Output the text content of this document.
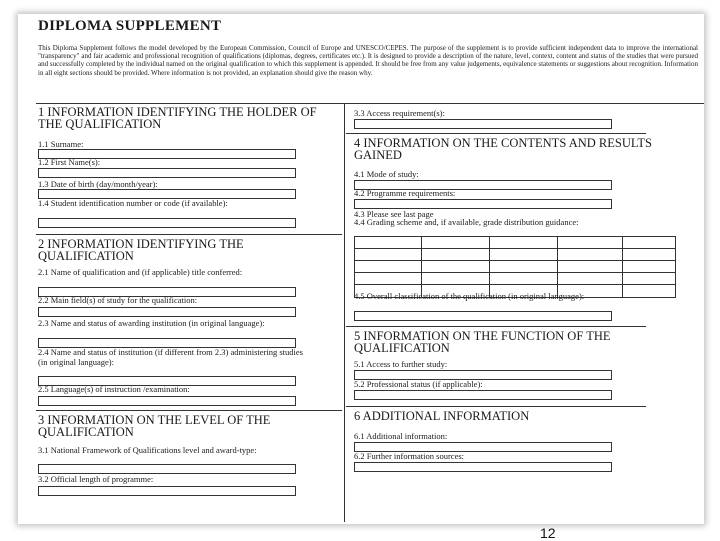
DIPLOMA SUPPLEMENT
This Diploma Supplement follows the model developed by the European Commission, Council of Europe and UNESCO/CEPES. The purpose of the supplement is to provide sufficient independent data to improve the international "transparency" and fair academic and professional recognition of qualifications (diplomas, degrees, certificates etc.). It is designed to provide a description of the nature, level, context, content and status of the studies that were pursued and successfully completed by the individual named on the original qualification to which this supplement is appended. It should be free from any value judgements, equivalence statements or suggestions about recognition. Information in all eight sections should be provided. Where information is not provided, an explanation should give the reason why.
1 INFORMATION IDENTIFYING THE HOLDER OF THE QUALIFICATION
1.1 Surname:
1.2 First Name(s):
1.3 Date of birth (day/month/year):
1.4 Student identification number or code (if available):
2 INFORMATION IDENTIFYING THE QUALIFICATION
2.1 Name of qualification and (if applicable) title conferred:
2.2 Main field(s) of study for the qualification:
2.3 Name and status of awarding institution (in original language):
2.4 Name and status of institution (if different from 2.3) administering studies (in original language):
2.5 Language(s) of instruction /examination:
3 INFORMATION ON THE LEVEL OF THE QUALIFICATION
3.1 National Framework of Qualifications level and award-type:
3.2 Official length of programme:
3.3 Access requirement(s):
4 INFORMATION ON THE CONTENTS AND RESULTS GAINED
4.1 Mode of study:
4.2 Programme requirements:
4.3 Please see last page
4.4 Grading scheme and, if available, grade distribution guidance:
4.5 Overall classification of the qualification (in original language):
5 INFORMATION ON THE FUNCTION OF THE QUALIFICATION
5.1 Access to further study:
5.2 Professional status (if applicable):
6 ADDITIONAL INFORMATION
6.1 Additional information:
6.2 Further information sources:
12
